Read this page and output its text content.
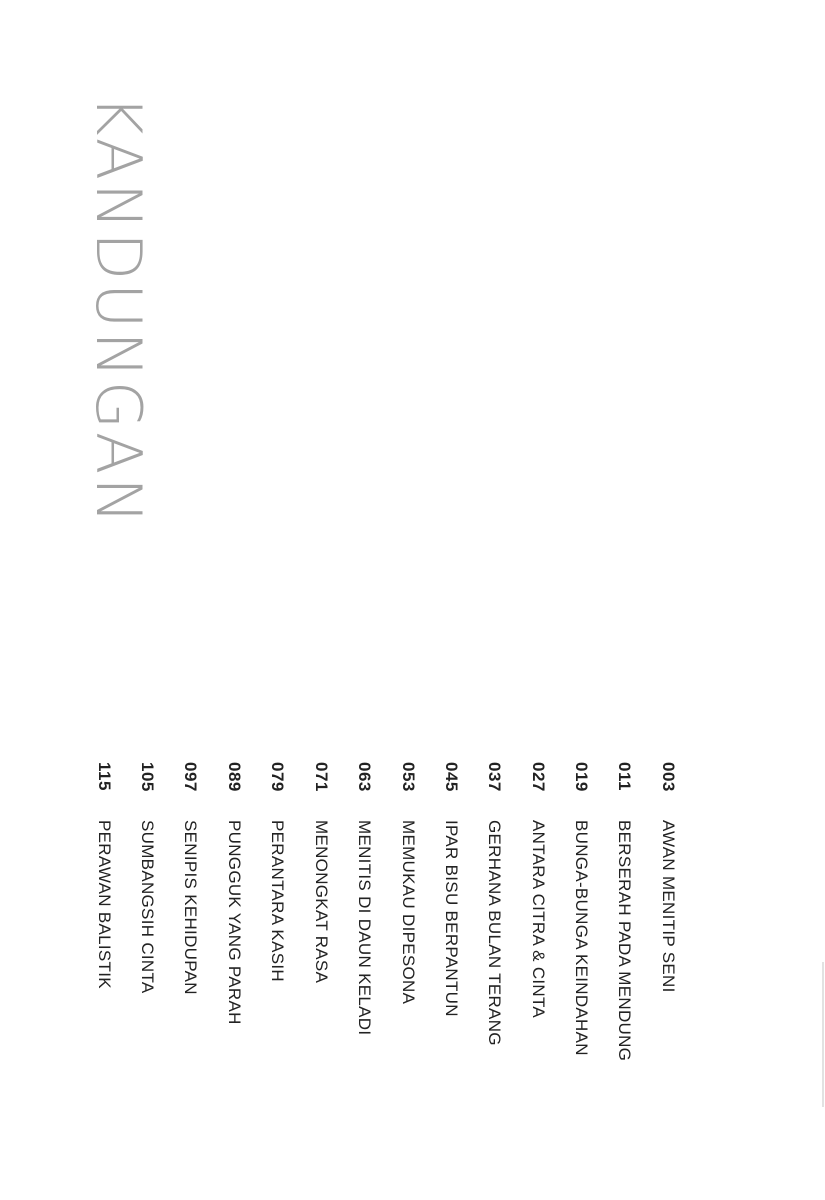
KANDUNGAN
003AWAN MENITIP SENI
011BERSERAH PADA MENDUNG
019BUNGA-BUNGA KEINDAHAN
027ANTARA CITRA & CINTA
037GERHANA BULAN TERANG
045IPAR BISU BERPANTUN
053MEMUKAU DIPESONA
063MENITIS DI DAUN KELADI
071MENONGKAT RASA
079PERANTARA KASIH
089PUNGGUK YANG PARAH
097SENIPIS KEHIDUPAN
105SUMBANGSIH CINTA
115PERAWAN BALISTIK
